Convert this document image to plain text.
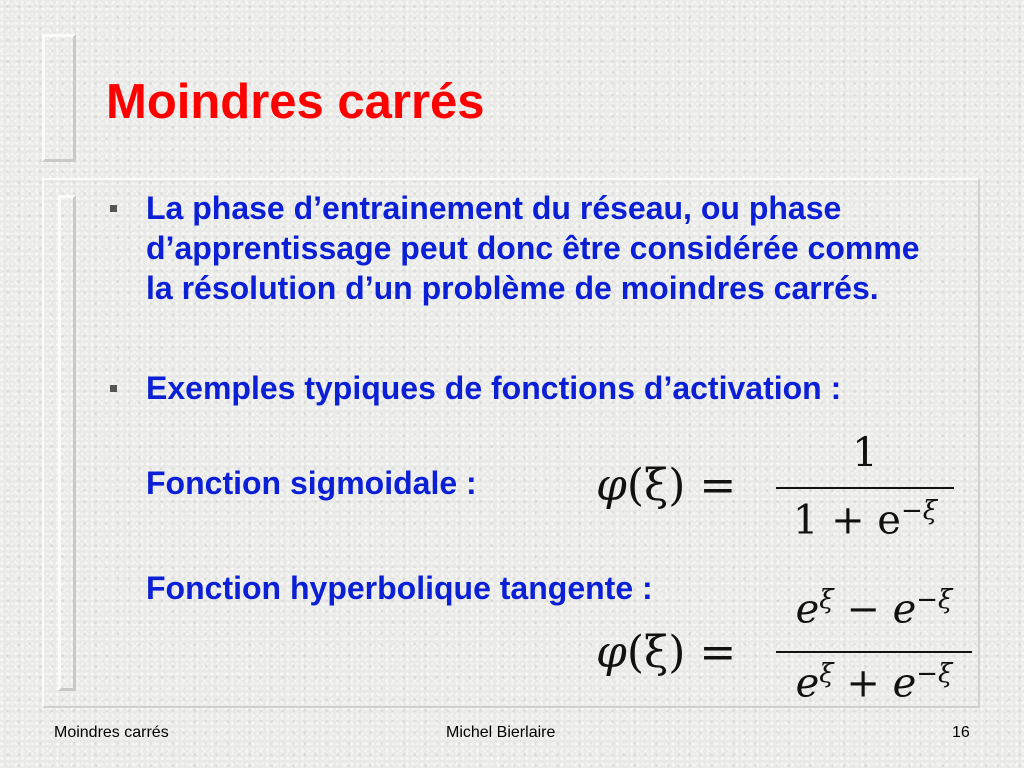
Moindres carrés

La phase d’entrainement du réseau, ou phase d’apprentissage peut donc être considérée comme la résolution d’un problème de moindres carrés.

Exemples typiques de fonctions d’activation :

Fonction sigmoidale :

Fonction hyperbolique tangente :

φ(ξ) =
1
$1 + e^{-\xi}$
φ(ξ) =
$e^\xi - e^{-\xi}$
$e^\xi + e^{-\xi}$
Moindres carrés	Michel Bierlaire	16
